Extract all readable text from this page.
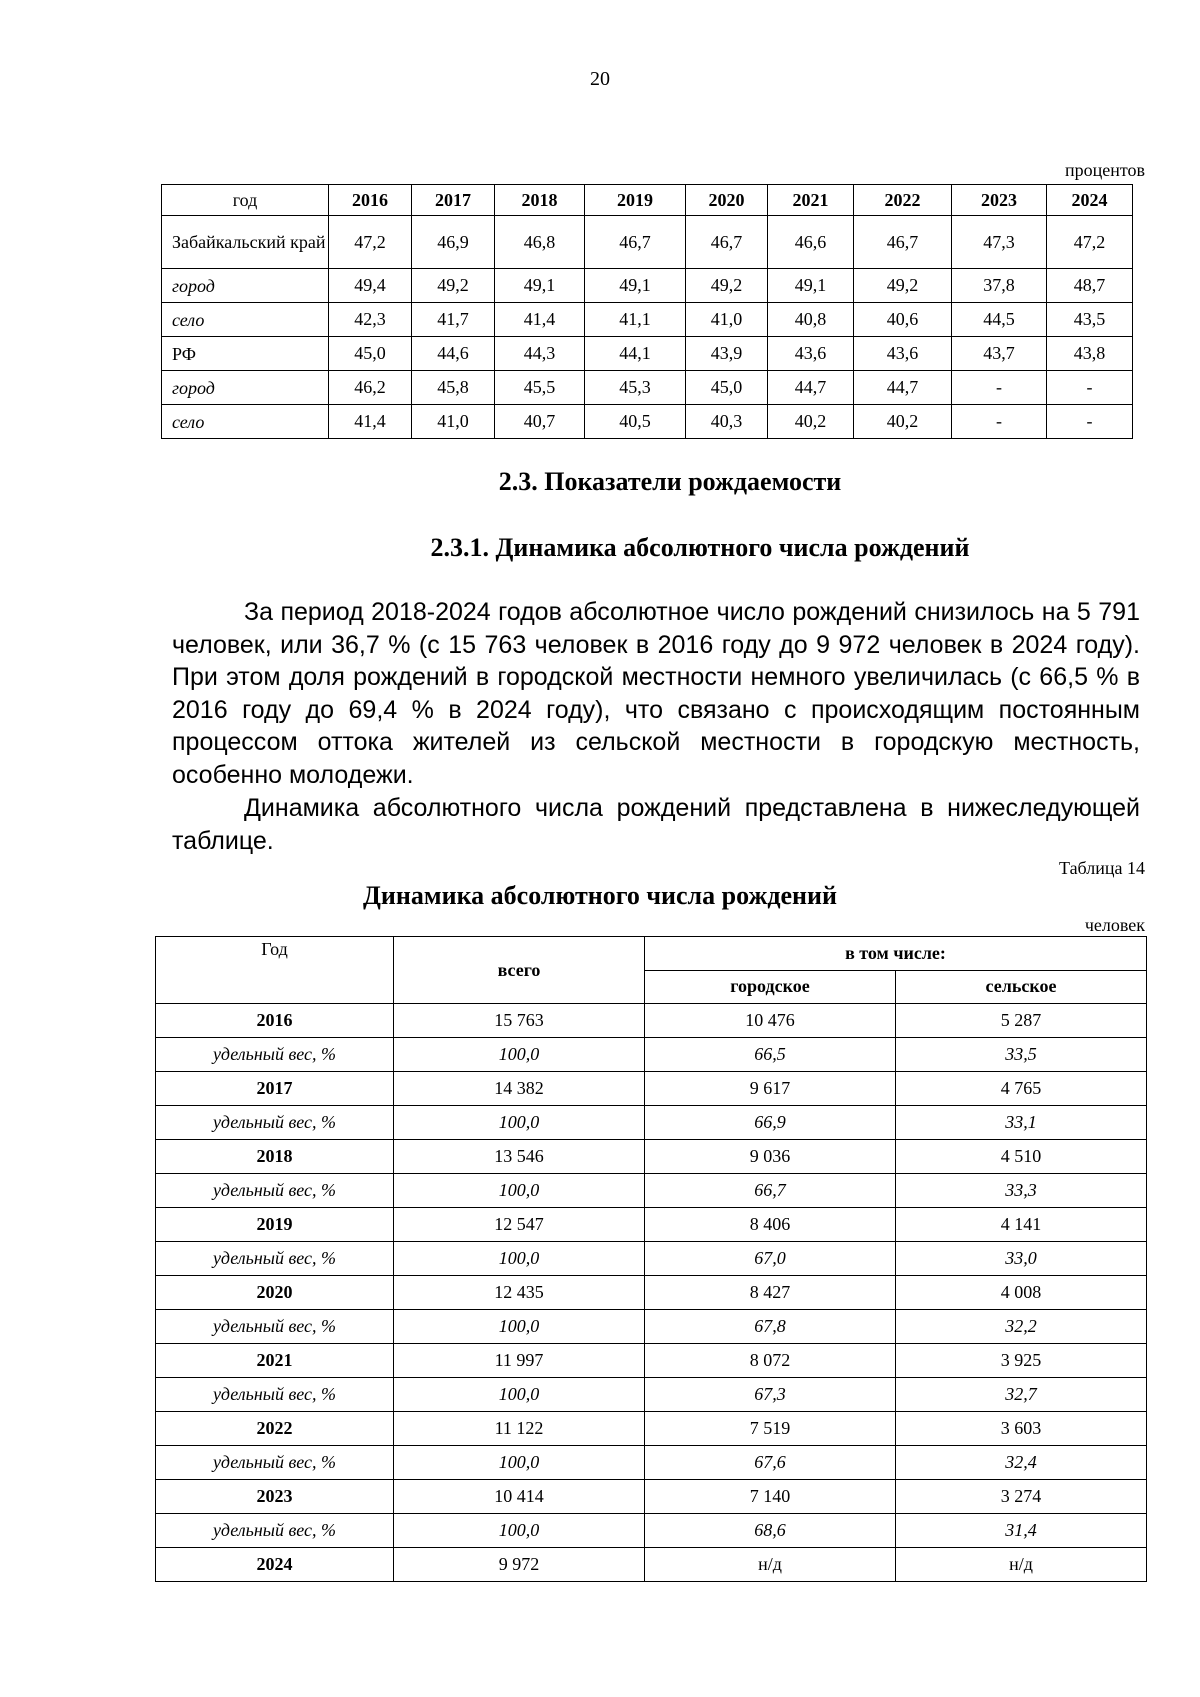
20
процентов
год	2016	2017	2018	2019	2020	2021	2022	2023	2024
Забайкальский край	47,2	46,9	46,8	46,7	46,7	46,6	46,7	47,3	47,2
город	49,4	49,2	49,1	49,1	49,2	49,1	49,2	37,8	48,7
село	42,3	41,7	41,4	41,1	41,0	40,8	40,6	44,5	43,5
РФ	45,0	44,6	44,3	44,1	43,9	43,6	43,6	43,7	43,8
город	46,2	45,8	45,5	45,3	45,0	44,7	44,7	-	-
село	41,4	41,0	40,7	40,5	40,3	40,2	40,2	-	-
2.3. Показатели рождаемости
2.3.1. Динамика абсолютного числа рождений

За период 2018-2024 годов абсолютное число рождений снизилось на 5 791 человек, или 36,7 % (с 15 763 человек в 2016 году до 9 972 человек в 2024 году). При этом доля рождений в городской местности немного увеличилась (с 66,5 % в 2016 году до 69,4 % в 2024 году), что связано с происходящим постоянным процессом оттока жителей из сельской местности в городскую местность, особенно молодежи.

Динамика абсолютного числа рождений представлена в нижеследующей таблице.

Таблица 14
Динамика абсолютного числа рождений
человек
Год	всего	в том числе:	
		городское	сельское
2016	15 763	10 476	5 287
удельный вес, %	100,0	66,5	33,5
2017	14 382	9 617	4 765
удельный вес, %	100,0	66,9	33,1
2018	13 546	9 036	4 510
удельный вес, %	100,0	66,7	33,3
2019	12 547	8 406	4 141
удельный вес, %	100,0	67,0	33,0
2020	12 435	8 427	4 008
удельный вес, %	100,0	67,8	32,2
2021	11 997	8 072	3 925
удельный вес, %	100,0	67,3	32,7
2022	11 122	7 519	3 603
удельный вес, %	100,0	67,6	32,4
2023	10 414	7 140	3 274
удельный вес, %	100,0	68,6	31,4
2024	9 972	н/д	н/д
